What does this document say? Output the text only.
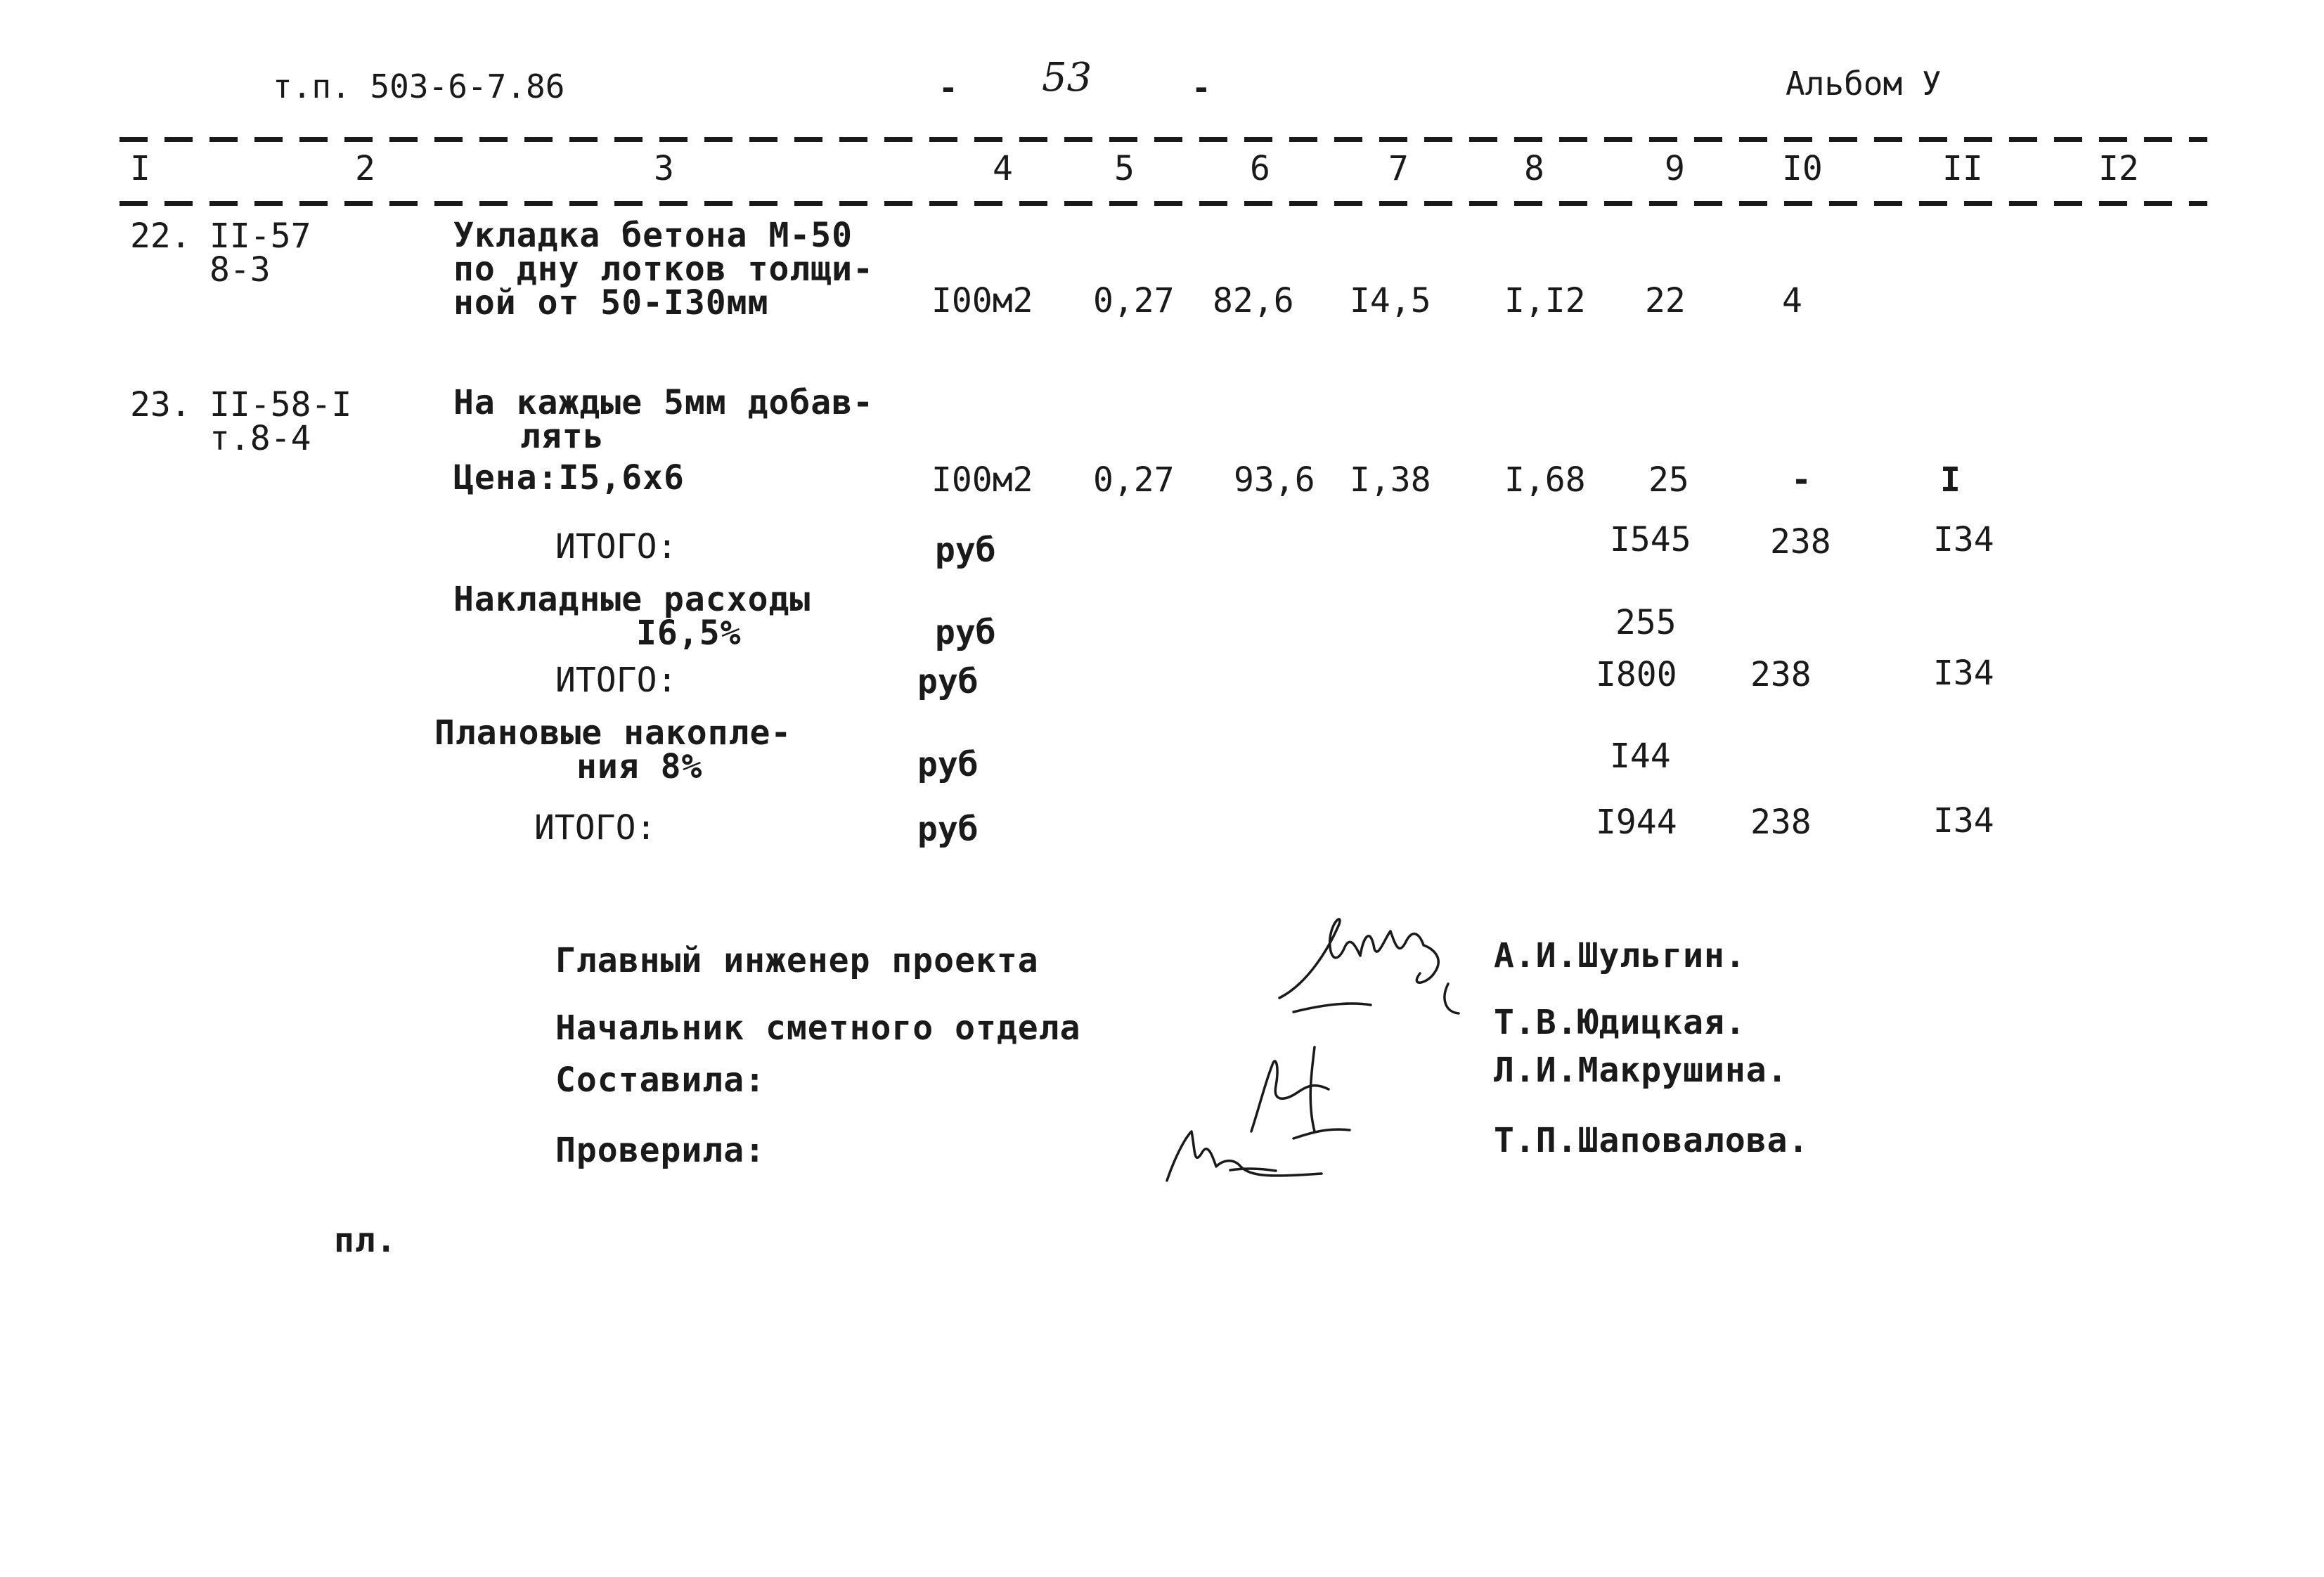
т.п. 503-6-7.86	- 53	-	Альбом У
I	2	3	4	5	6	7	8	9	I0	II	I2
22. II-57
8-3
Укладка бетона М-50
по дну лотков толщи-
ной от 50-I30мм	I00м2 0,27 82,6 I4,5 I,I2 22	4
23. II-58-I
т.8-4
На каждые 5мм добав-
лять
Цена:I5,6х6	I00м2 0,27 93,6 I,38 I,68 25	-	I
ИТОГО:	руб	I545 238	I34
Накладные расходы
I6,5%	руб	255
ИТОГО:	руб	I800 238	I34
Плановые накопле-
ния 8%	руб	I44
ИТОГО:	руб	I944 238	I34
Главный инженер проекта	А.И.Шульгин.
Начальник сметного отдела	Т.В.Юдицкая.
Составила:	Л.И.Макрушина.
Проверила:	Т.П.Шаповалова.
пл.
